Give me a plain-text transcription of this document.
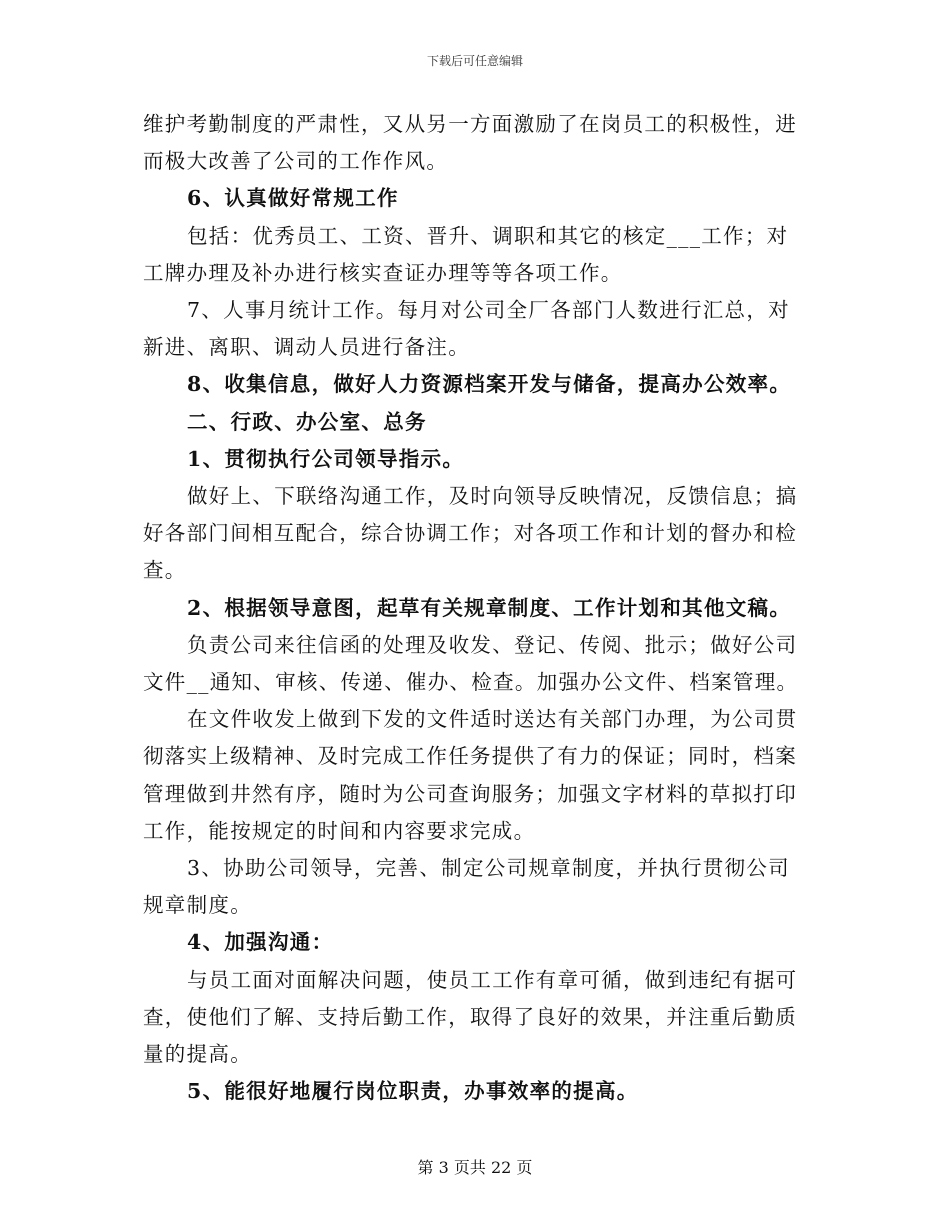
下载后可任意编辑

维护考勤制度的严肃性，又从另一方面激励了在岗员工的积极性，进而极大改善了公司的工作作风。

6、认真做好常规工作

包括：优秀员工、工资、晋升、调职和其它的核定___工作；对工牌办理及补办进行核实查证办理等等各项工作。

7、人事月统计工作。每月对公司全厂各部门人数进行汇总，对新进、离职、调动人员进行备注。

8、收集信息，做好人力资源档案开发与储备，提高办公效率。

二、行政、办公室、总务

1、贯彻执行公司领导指示。

做好上、下联络沟通工作，及时向领导反映情况，反馈信息；搞好各部门间相互配合，综合协调工作；对各项工作和计划的督办和检查。

2、根据领导意图，起草有关规章制度、工作计划和其他文稿。

负责公司来往信函的处理及收发、登记、传阅、批示；做好公司文件__通知、审核、传递、催办、检查。加强办公文件、档案管理。

在文件收发上做到下发的文件适时送达有关部门办理，为公司贯彻落实上级精神、及时完成工作任务提供了有力的保证；同时，档案管理做到井然有序，随时为公司查询服务；加强文字材料的草拟打印工作，能按规定的时间和内容要求完成。

3、协助公司领导，完善、制定公司规章制度，并执行贯彻公司规章制度。

4、加强沟通：

与员工面对面解决问题，使员工工作有章可循，做到违纪有据可查，使他们了解、支持后勤工作，取得了良好的效果，并注重后勤质量的提高。

5、能很好地履行岗位职责，办事效率的提高。

第 3 页共 22 页
